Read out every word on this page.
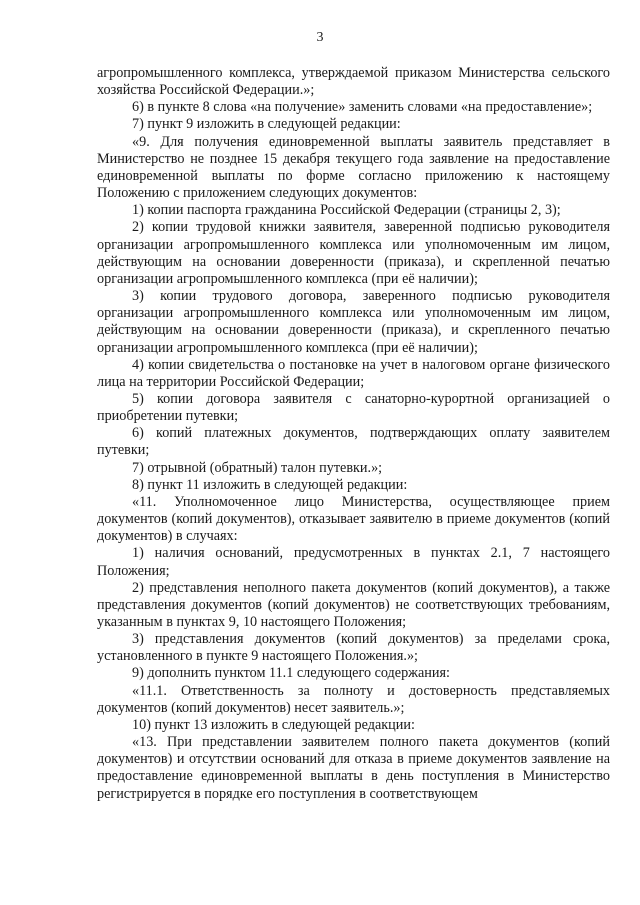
3

агропромышленного комплекса, утверждаемой приказом Министерства сельского хозяйства Российской Федерации.»;

6) в пункте 8 слова «на получение» заменить словами «на предоставление»;

7) пункт 9 изложить в следующей редакции:

«9. Для получения единовременной выплаты заявитель представляет в Министерство не позднее 15 декабря текущего года заявление на предоставление единовременной выплаты по форме согласно приложению к настоящему Положению с приложением следующих документов:

1) копии паспорта гражданина Российской Федерации (страницы 2, 3);

2) копии трудовой книжки заявителя, заверенной подписью руководителя организации агропромышленного комплекса или уполномоченным им лицом, действующим на основании доверенности (приказа), и скрепленной печатью организации агропромышленного комплекса (при её наличии);

3) копии трудового договора, заверенного подписью руководителя организации агропромышленного комплекса или уполномоченным им лицом, действующим на основании доверенности (приказа), и скрепленного печатью организации агропромышленного комплекса (при её наличии);

4) копии свидетельства о постановке на учет в налоговом органе физического лица на территории Российской Федерации;

5) копии договора заявителя с санаторно-курортной организацией о приобретении путевки;

6) копий платежных документов, подтверждающих оплату заявителем путевки;

7) отрывной (обратный) талон путевки.»;

8) пункт 11 изложить в следующей редакции:

«11. Уполномоченное лицо Министерства, осуществляющее прием документов (копий документов), отказывает заявителю в приеме документов (копий документов) в случаях:

1) наличия оснований, предусмотренных в пунктах 2.1, 7 настоящего Положения;

2) представления неполного пакета документов (копий документов), а также представления документов (копий документов) не соответствующих требованиям, указанным в пунктах 9, 10 настоящего Положения;

3) представления документов (копий документов) за пределами срока, установленного в пункте 9 настоящего Положения.»;

9) дополнить пунктом 11.1 следующего содержания:

«11.1. Ответственность за полноту и достоверность представляемых документов (копий документов) несет заявитель.»;

10) пункт 13 изложить в следующей редакции:

«13. При представлении заявителем полного пакета документов (копий документов) и отсутствии оснований для отказа в приеме документов заявление на предоставление единовременной выплаты в день поступления в Министерство регистрируется в порядке его поступления в соответствующем
